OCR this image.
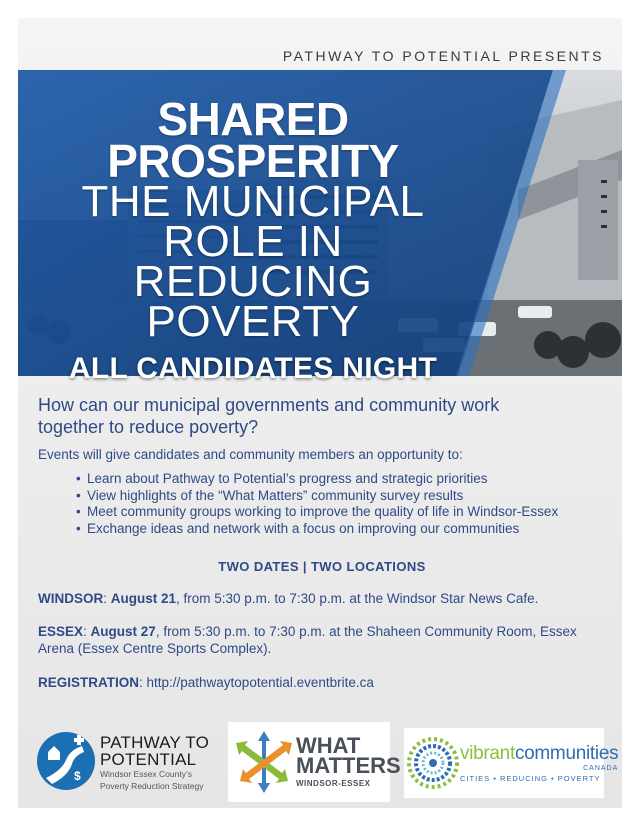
PATHWAY TO POTENTIAL PRESENTS
SHARED
PROSPERITY
THE MUNICIPAL
ROLE IN
REDUCING
POVERTY
ALL CANDIDATES NIGHT
How can our municipal governments and community work together to reduce poverty?
Events will give candidates and community members an opportunity to:
• Learn about Pathway to Potential’s progress and strategic priorities
• View highlights of the “What Matters” community survey results
• Meet community groups working to improve the quality of life in Windsor-Essex
• Exchange ideas and network with a focus on improving our communities
TWO DATES | TWO LOCATIONS
WINDSOR: August 21, from 5:30 p.m. to 7:30 p.m. at the Windsor Star News Cafe.
ESSEX: August 27, from 5:30 p.m. to 7:30 p.m. at the Shaheen Community Room, Essex Arena (Essex Centre Sports Complex).
REGISTRATION: http://pathwaytopotential.eventbrite.ca
$
PATHWAY TO
POTENTIAL
Windsor Essex County’s
Poverty Reduction Strategy
WHAT
MATTERS
WINDSOR-ESSEX
vibrantcommunities
CANADA
CITIES • REDUCING • POVERTY
